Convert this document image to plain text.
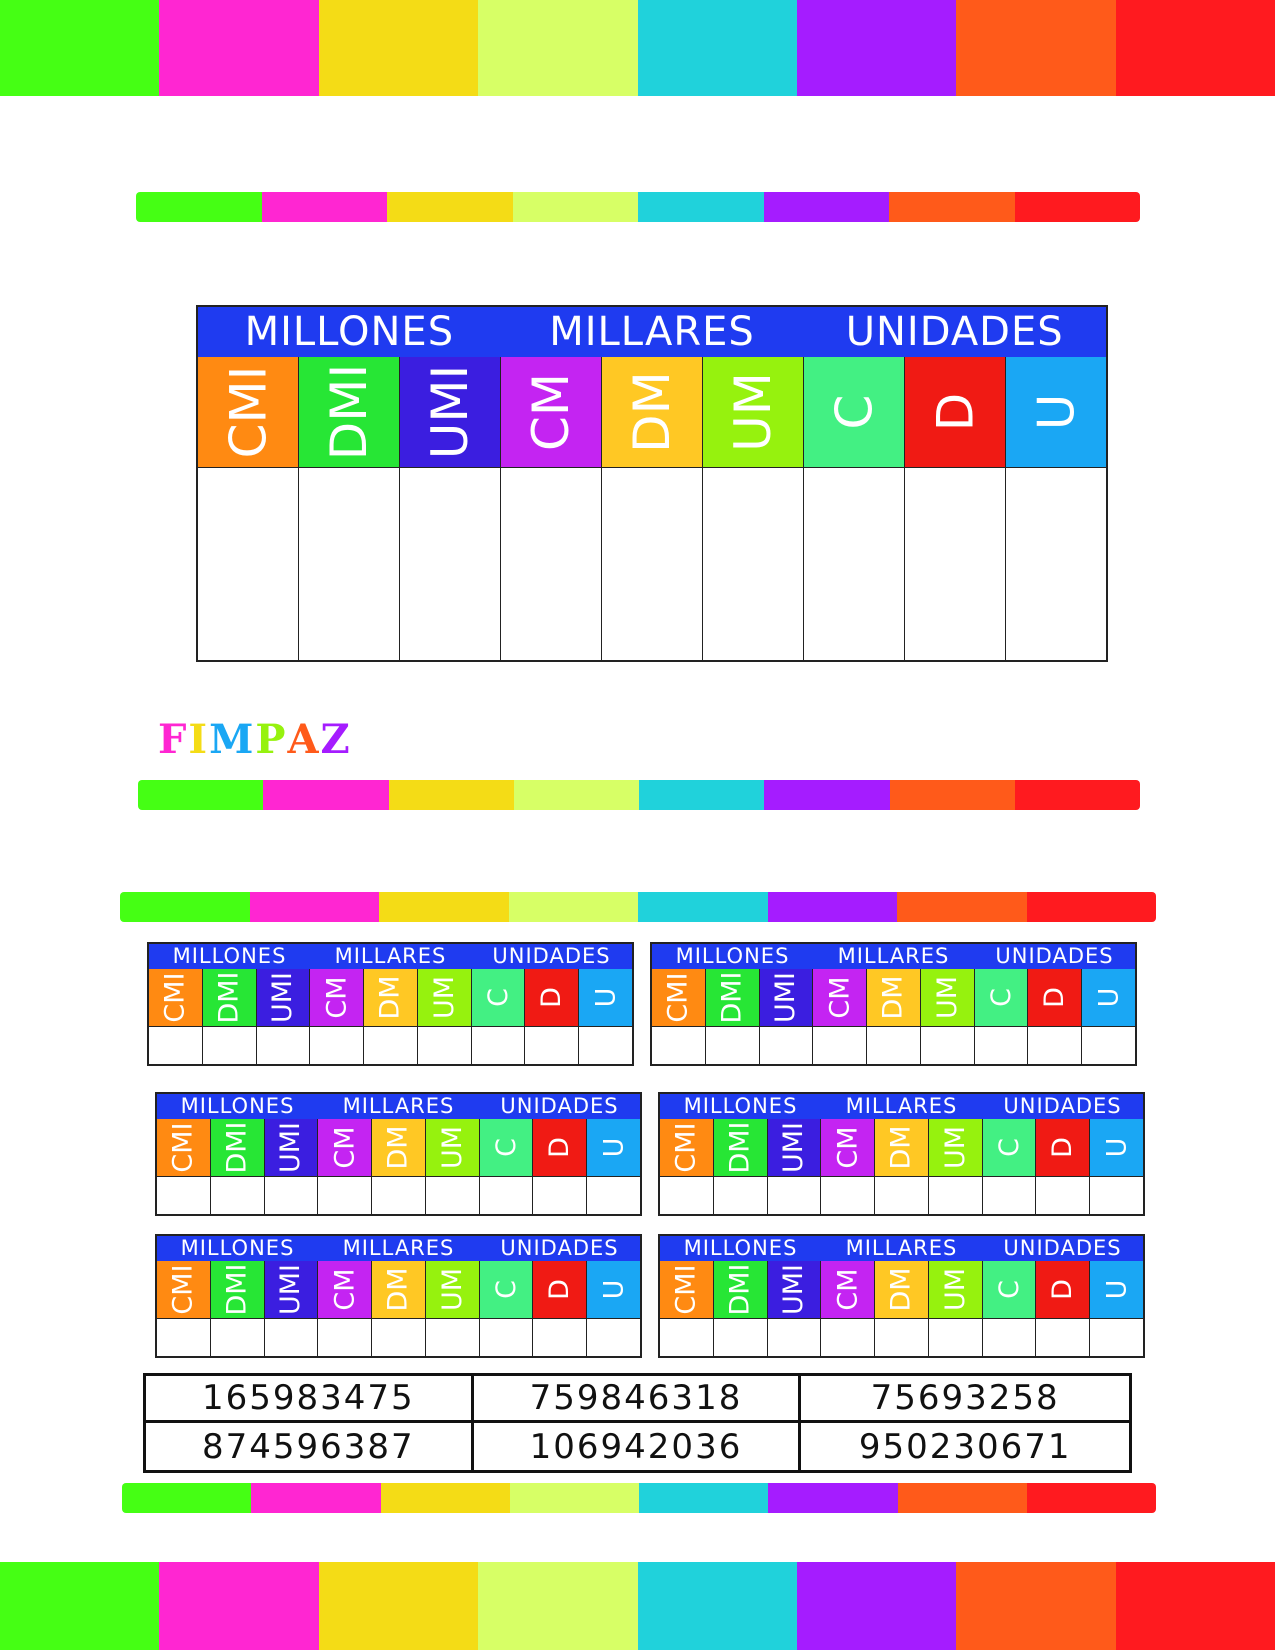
MILLONES	MILLARES	UNIDADES
CMI DMI UMI CM DM UM C D U
F I M P A Z
MILLONES	MILLARES	UNIDADES
CMI DMI UMI CM DM UM C D U
MILLONES	MILLARES	UNIDADES
CMI DMI UMI CM DM UM C D U
MILLONES	MILLARES	UNIDADES
CMI DMI UMI CM DM UM C D U
MILLONES	MILLARES	UNIDADES
CMI DMI UMI CM DM UM C D U
MILLONES	MILLARES	UNIDADES
CMI DMI UMI CM DM UM C D U
MILLONES	MILLARES	UNIDADES
CMI DMI UMI CM DM UM C D U
165983475	759846318	75693258
874596387	106942036	950230671
